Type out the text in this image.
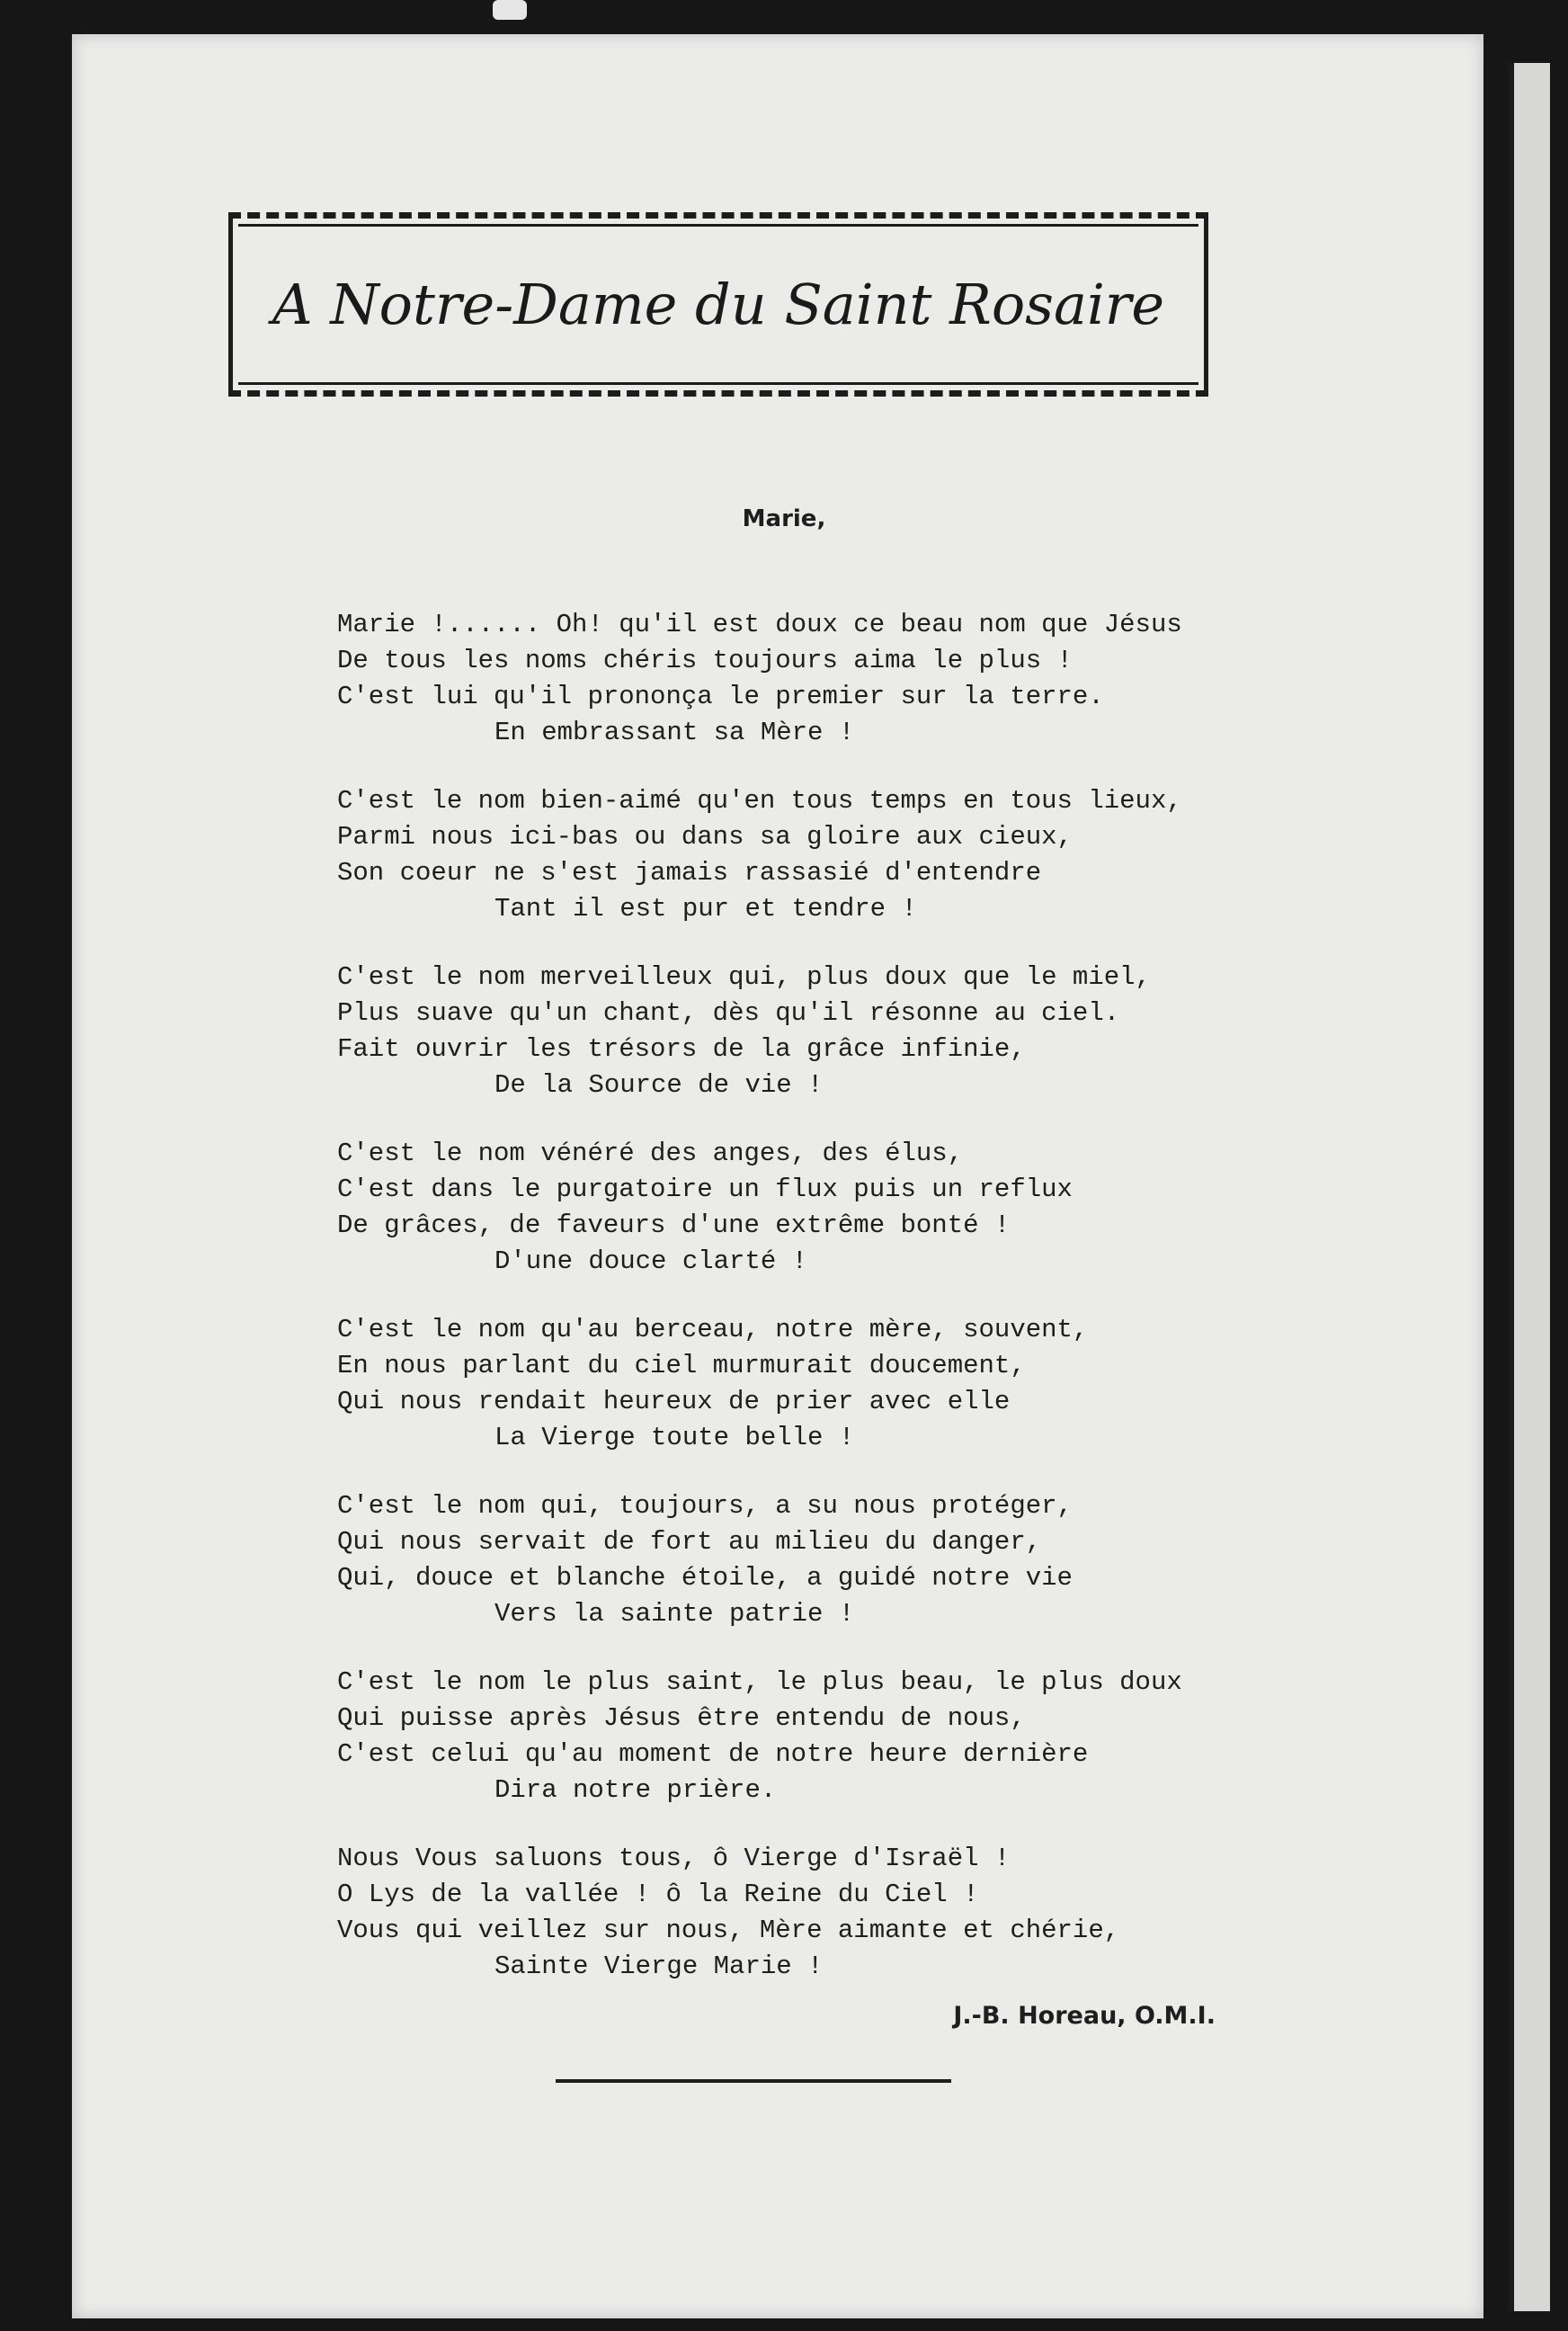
A Notre-Dame du Saint Rosaire
Marie,
Marie !...... Oh! qu'il est doux ce beau nom que Jésus
De tous les noms chéris toujours aima le plus !
C'est lui qu'il prononça le premier sur la terre.
En embrassant sa Mère !
C'est le nom bien-aimé qu'en tous temps en tous lieux,
Parmi nous ici-bas ou dans sa gloire aux cieux,
Son coeur ne s'est jamais rassasié d'entendre
Tant il est pur et tendre !
C'est le nom merveilleux qui, plus doux que le miel,
Plus suave qu'un chant, dès qu'il résonne au ciel.
Fait ouvrir les trésors de la grâce infinie,
De la Source de vie !
C'est le nom vénéré des anges, des élus,
C'est dans le purgatoire un flux puis un reflux
De grâces, de faveurs d'une extrême bonté !
D'une douce clarté !
C'est le nom qu'au berceau, notre mère, souvent,
En nous parlant du ciel murmurait doucement,
Qui nous rendait heureux de prier avec elle
La Vierge toute belle !
C'est le nom qui, toujours, a su nous protéger,
Qui nous servait de fort au milieu du danger,
Qui, douce et blanche étoile, a guidé notre vie
Vers la sainte patrie !
C'est le nom le plus saint, le plus beau, le plus doux
Qui puisse après Jésus être entendu de nous,
C'est celui qu'au moment de notre heure dernière
Dira notre prière.
Nous Vous saluons tous, ô Vierge d'Israël !
O Lys de la vallée ! ô la Reine du Ciel !
Vous qui veillez sur nous, Mère aimante et chérie,
Sainte Vierge Marie !
J.-B. Horeau, O.M.I.
